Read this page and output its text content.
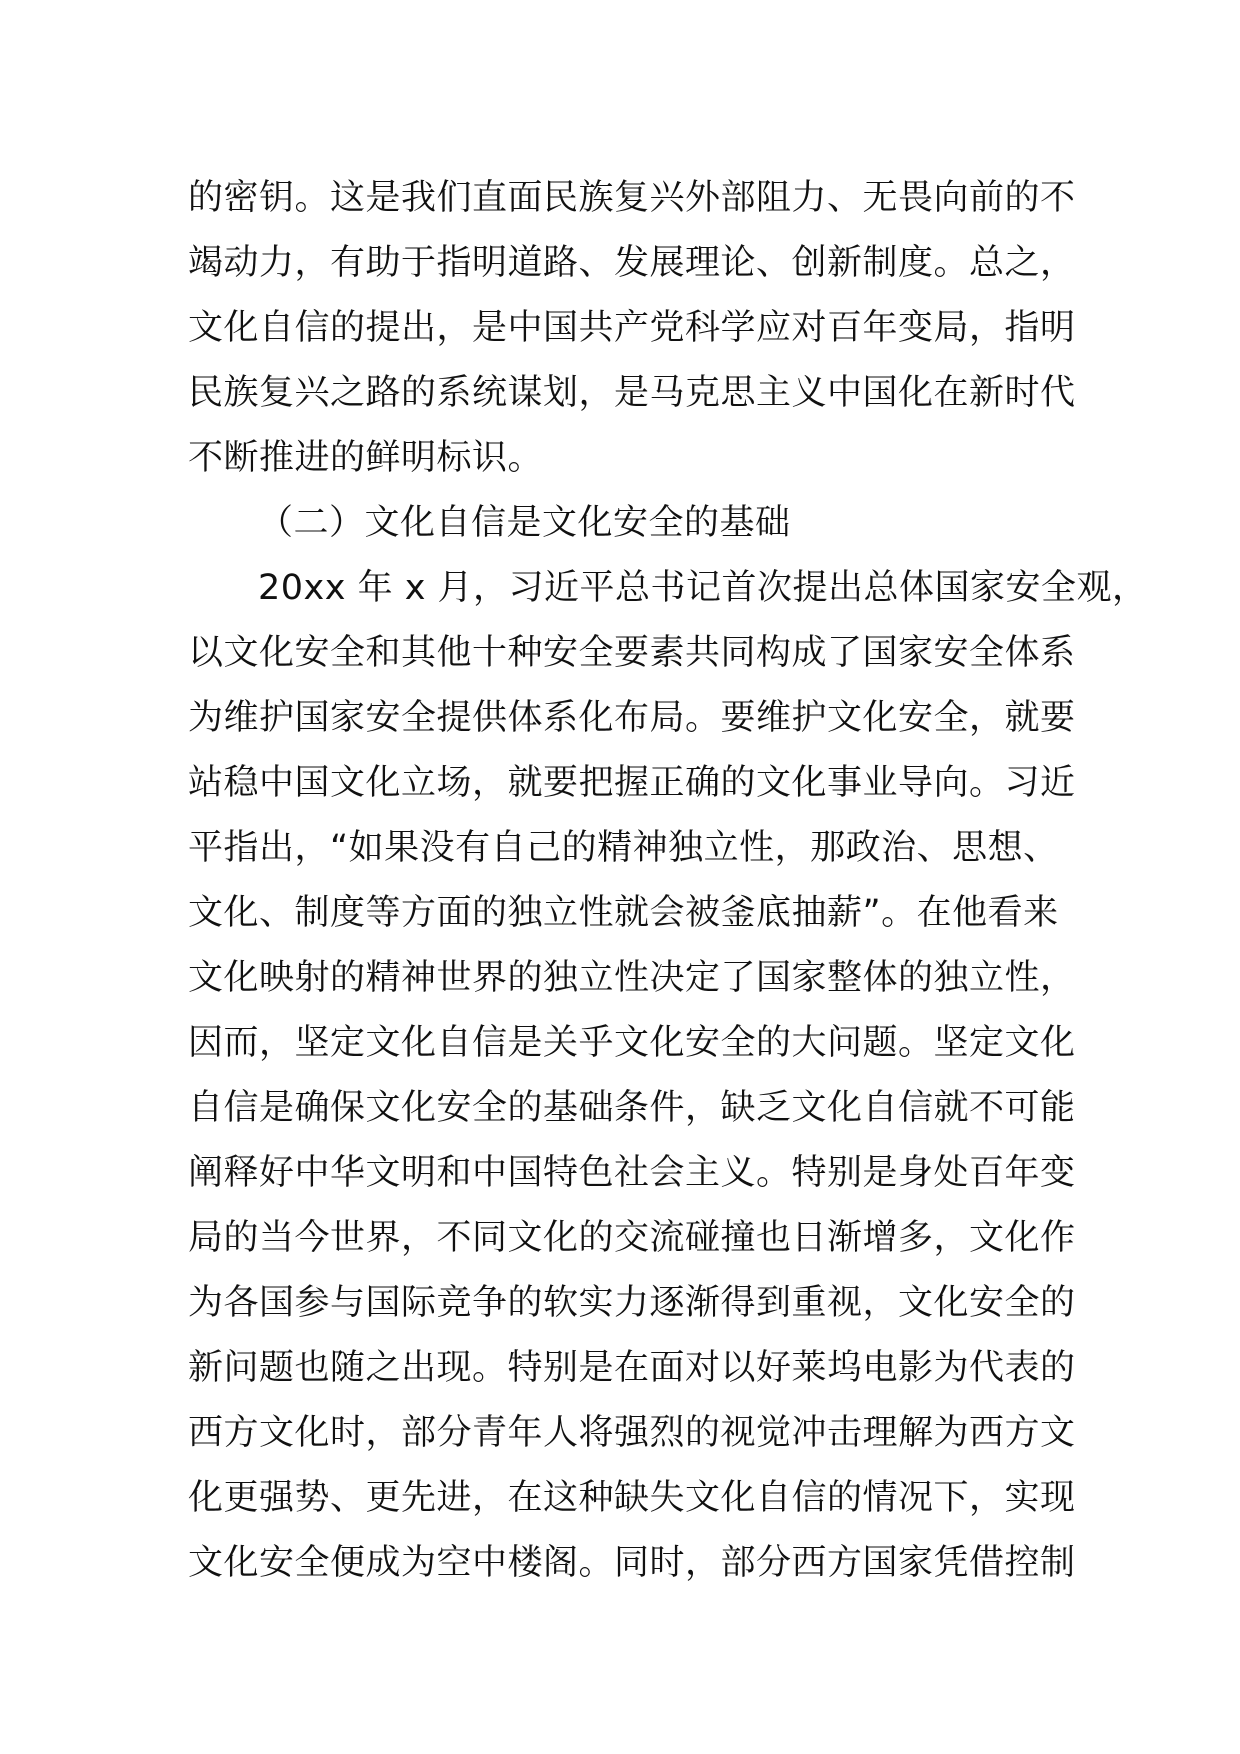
的密钥。这是我们直面民族复兴外部阻力、无畏向前的不
竭动力，有助于指明道路、发展理论、创新制度。总之，
文化自信的提出，是中国共产党科学应对百年变局，指明
民族复兴之路的系统谋划，是马克思主义中国化在新时代
不断推进的鲜明标识。
（二）文化自信是文化安全的基础
20xx 年 x 月，习近平总书记首次提出总体国家安全观，
以文化安全和其他十种安全要素共同构成了国家安全体系
为维护国家安全提供体系化布局。要维护文化安全，就要
站稳中国文化立场，就要把握正确的文化事业导向。习近
平指出，“如果没有自己的精神独立性，那政治、思想、
文化、制度等方面的独立性就会被釜底抽薪”。在他看来
文化映射的精神世界的独立性决定了国家整体的独立性，
因而，坚定文化自信是关乎文化安全的大问题。坚定文化
自信是确保文化安全的基础条件，缺乏文化自信就不可能
阐释好中华文明和中国特色社会主义。特别是身处百年变
局的当今世界，不同文化的交流碰撞也日渐增多，文化作
为各国参与国际竞争的软实力逐渐得到重视，文化安全的
新问题也随之出现。特别是在面对以好莱坞电影为代表的
西方文化时，部分青年人将强烈的视觉冲击理解为西方文
化更强势、更先进，在这种缺失文化自信的情况下，实现
文化安全便成为空中楼阁。同时，部分西方国家凭借控制
